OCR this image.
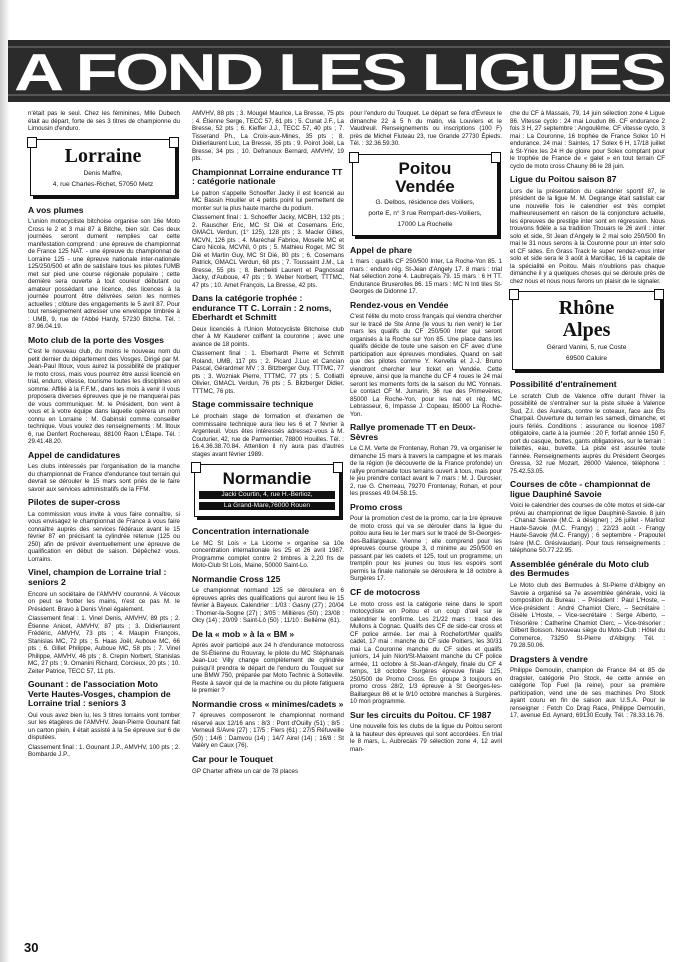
A FOND LES LIGUES

n'était pas le seul. Chez les féminines, Mlle Dubech était au départ, forte de ses 3 titres de championne du Limousin d'enduro.

Lorraine
Denis Maffre,
4, rue Charles-Richet, 57050 Metz
A vos plumes

L'union motocycliste bitchoise organise son 16e Moto Cross le 2 et 3 mai 87 à Bitche, bien sûr. Ces deux journées seront dument remplies car cette manifestation comprend : une épreuve de championnat de France 125 NAT. - une épreuve du championnat de Lorraine 125 - une épreuve nationale inter-nationale 125/250/500 et afin de satisfaire tous les pilotes l'UMB met sur pied une course régionale populaire ; cette dernière sera ouverte à tout coureur débutant ou amateur possédant une licence, des licences à la journée pourront être délivrées selon les normes actuelles ; clôture des engagements le 5 avril 87. Pour tout renseignement adresser une enveloppe timbrée à : UMB, 9, rue de l'Abbé Hardy, 57230 Bitche. Tél. : 87.96.04.19.

Moto club de la porte des Vosges

C'est le nouveau club, du moins le nouveau nom du petit dernier du département des Vosges. Dirigé par M. Jean-Paul Iltoux, vous aurez la possibilité de pratiquer le moto cross, mais vous pourrez être aussi licencié en trial, enduro, vitesse, tourisme toutes les disciplines en somme. Affilié à la F.F.M., dans les mois à venir il vous proposera diverses épreuves que je ne manquerai pas de vous communiquer. M. le Président, bon vent à vous et à votre équipe dans laquelle opèrera un nom connu en Lorraine : M. Gabinski comme conseiller technique. Vous voulez des renseignements : M. Iltoux 6, rue Denfert Rochereau, 88100 Raon L'Étape. Tél. : 29.41.48.20.

Appel de candidatures

Les clubs intéressés par l'organisation de la manche du championnat de France d'endurance tout terrain qui devrait se dérouler le 15 mars sont priés de le faire savoir aux services administratifs de la FFM.

Pilotes de super-cross

La commission vous invite à vous faire connaître, si vous envisagez le championnat de France à vous faire connaître auprès des services fédéraux avant le 15 février 87 en précisant la cylindrée retenue (125 ou 250) afin de prévoir éventuellement une épreuve de qualification en début de saison. Dépêchez vous. Lorrains.

Vinel, champion de Lorraine trial : seniors 2

Encore un sociétaire de l'AMVHV couronné. A Vécoux on peut se frotter les mains, n'est ce pas M. le Président. Bravo à Denis Vinel également.

Classement final : 1. Vinel Denis, AMVHV, 89 pts ; 2. Étienne Anicet, AMVHV, 87 pts ; 3. Didierlaurent Frédéric, AMVHV, 73 pts ; 4. Maupin François, Stanislas MC, 72 pts ; 5. Haas Joël, Auboue MC, 66 pts ; 6. Gillet Philippe, Auboue MC, 58 pts ; 7. Vinel Philippe, AMVHV, 46 pts ; 8. Crepin Norbert, Stanislas MC, 27 pts ; 9. Omanini Richard, Corcieux, 20 pts ; 10. Zeiter Patrice, TECC 57, 11 pts.

Gounant : de l'association Moto Verte Hautes-Vosges, champion de Lorraine trial : seniors 3

Oui vous avez bien lu, les 3 titres lorrains vont tomber sur les étagères de l'AMVHV. Jean-Pierre Gounant fait un carton plein, il était assisté à la 5e épreuve sur 6 de disputées.

Classement final : 1. Gounant J.P., AMVHV, 100 pts ; 2. Bombarde J.P.,

AMVHV, 88 pts ; 3. Mougel Maurice, La Bresse, 75 pts ; 4. Étienne Serge, TECC 57, 61 pts ; 5. Cunat J.F., La Bresse, 52 pts ; 6. Kieffer J.J., TECC 57, 40 pts ; 7. Tisserand Ph., La Croix-aux-Mines, 35 pts ; 8. Didierlaurent Luc, La Bresse, 35 pts ; 9. Poirot Joël, La Bresse, 34 pts ; 10. Defranoux Bernard, AMVHV, 19 pts.

Championnat Lorraine endurance TT : catégorie nationale

Le patron s'appelle Schoeffer Jacky il est licencié au MC Bassin Houiller et 4 petits point lui permettent de monter sur la plus haute marche du podium.

Classement final : 1. Schoeffer Jacky, MCBH, 132 pts ; 2. Rauscher Eric, MC St Dié et Cosemans Eric, GMACL Verdun, (1° 125), 128 pts ; 3. Macler Gilles, MCVN, 126 pts ; 4. Maréchal Fabrice, Moselle MC et Caro Nicola, MCVNI, 0 pts ; 5. Mathieu Roger, MC St Dié et Martin Guy, MC St Dié, 80 pts ; 6. Cosemans Patrick, GMACL Verdun, 68 pts ; 7. Toussaint J.M., La Bresse, 55 pts ; 8. Benbekti Laurent et Pagnossat Jacky, d'Auboue, 47 pts ; 9. Weber Norbert, TTTMC, 47 pts ; 10. Amet François, La Bresse, 42 pts.

Dans la catégorie trophée : endurance TT C. Lorrain : 2 noms, Eberhardt et Schmitt

Deux licenciés à l'Union Motocycliste Bitchoise club cher à Mr Kauderer coiffent la couronne ; avec une avance de 18 points.

Classement final : 1. Eberhardt Pierre et Schmitt Roland, UMB, 117 pts ; 2. Picard J.Luc et Cancian Pascal, Gérardmer MV ; 3. Bitzberger Guy, TTTMC, 77 pts ; 3. Wozniak Pierre, TTTMC, 77 pts ; 5. Colliatti Olivier, GMACL Verdun, 76 pts ; 5. Bitzberger Didier, TTTMC, 76 pts.

Stage commissaire technique

Le prochain stage de formation et d'examen de commissaire technique aura lieu les 6 et 7 février à Argenteuil. Vous êtes intéressés adressez-vous à M. Couturier, 42, rue de Parmentier, 78800 Houilles. Tél. : 16.4.36.38.70.84. Attention il n'y aura pas d'autres stages avant février 1989.

Normandie
Jacki Courtin, 4, rue H.-Berlioz,
La Grand-Mare,76000 Rouen
Concentration internationale

Le MC St Lois « La Licorne » organise sa 10e concentration internationale les 25 et 26 avril 1987. Programme complet contre 2 timbres à 2,20 frs de Moto-Club St Lois, Maine, 50000 Saint-Lo.

Normandie Cross 125

Le championnat normand 125 se déroulera en 6 épreuves après des qualifications qui auront lieu le 15 février à Bayeux. Calendrier : 1/03 : Gasny (27) ; 20/04 : Thomer-la-Sogne (27) ; 3/05 : Millières (50) ; 23/08 : Olcy (14) ; 20/09 : Saint-Lô (50) ; 11/10 : Belléme (61).

De la « mob » à la « BM »

Après avoir participé aux 24 h d'endurance motocross de St-Étienne du Rouvray, le pilote du MC Stéphanais Jean-Luc Villy change complètement de cylindrée puisqu'il prendra le départ de l'enduro du Touquet sur une BMW 750, préparée par Moto Technic à Sotteville. Reste à savoir qui de la machine ou du pilote fatiguera le premier ?

Normandie cross « minimes/cadets »

7 épreuves composeront le championnat normand réservé aux 12/16 ans : 8/3 : Pont d'Ouilly (51) ; 8/5 : Verneuil S/Avre (27) ; 17/5 : Flers (61) ; 27/5 Réfuveille (50) ; 14/6 : Damvou (14) ; 14/7 Airel (14) ; 16/8 : St Valéry en Caux (76).

Car pour le Touquet

GP Charter affrète un car de 78 places

pour l'enduro du Touquet. Le départ se fera d'Évreux le dimanche 22 à 5 h du matin, via Louviers et le Vaudreuil. Renseignements ou inscriptions (100 F) près de Michel Fluteau 23, rue Grande 27730 Épieds. Tél. : 32.36.59.30.

Poitou
Vendée
G. Delbos, résidence des Voiliers,
porte E, n° 3 rue Rempart-des-Voiliers,
17000 La Rochelle
Appel de phare

1 mars : qualifs CF 250/500 Inter, La Roche-Yon 85. 1 mars : enduro rég. St-Jean d'Angely 17. 8 mars : trial Nat sélection zone 4. Laubreçais 79. 15 mars : 6 H TT. Endurance Bruxerolles 86. 15 mars : MC N Inti tiles St-Georges de Didonne 17.

Rendez-vous en Vendée

C'est l'élite du moto cross français qui viendra chercher sur le tracé de Ste Anne (le vous tu rien venir) le 1er mars les qualifs du CF 250/500 Inter qui seront organisés à la Roche sur Yon 85. Une place dans les qualifs décide de toute une saison en CF avec d'une participation aux épreuves mondiales. Quand on sait que des pilotes comme Y. Kervella et J.-J. Bruno viendront chercher leur ticket en Vendée. Cette épreuve, ainsi que la manche du CF 4 roues le 24 mai seront les moments forts de la saison du MC Yonnais. Le contact CF M. Jumarin, 36 rue des Primevères, 85000 La Roche-Yon, pour les nat et rég. MC Lebrasseur, 6, Impasse J. Copeau, 85000 La Roche-Yon.

Rallye promenade TT en Deux-Sèvres

Le C.M. Verte de Frontenay, Rohan 79, va organiser le dimanche 15 mars à travers la campagne et les marais de la région (le découverte de la France profonde) un rallye promenade tous terrains ouvert à tous, mais pour le jeu prendre contact avant le 7 mars : M. J. Durosier, 2, rue G. Cherreau, 79270 Frontenay, Rohan, et pour les presses 49.04.58.15.

Promo cross

Pour la promotion c'est de la promo, car la 1re épreuve de moto cross qui va se dérouler dans la ligue du poitou aura lieu le 1er mars sur le tracé de St-Georges-des-Baillargeaux. Vienne ; elle comprend pour les épreuves course groupe 3, d minime au 250/500 en passant par les cadets et 125, tout un programme, un tremplin pour les jeunes ou tous les espoirs sont permis la finale nationale se déroulera le 18 octobre à Surgères 17.

CF de motocross

Le moto cross est la catégorie reine dans le sport motocycliste en Poitou et un coup d'œil sur le calendrier le confirme. Les 21/22 mars : tracé des Mullons à Cognac. Qualifs des CF de side-car cross et CF police armée. 1er mai à Rochefort/Mer qualifs cadet, 17 mai : manche du CF side Poitiers, les 30/31 mai La Couronne manche du CF sides et qualifs juniors, 14 juin Niort/St-Maixent manche du CF police armée, 11 octobre à St-Jean-d'Angely, finale du CF 4 temps, 18 octobre Surgères épreuve finale 125, 250/500 de Promo Cross. En groupe 3 toujours en promo cross 28/2, 1/3 épreuve à St Georges-les-Baillargeux 86 et le 9/10 octobre manches à Surgères. 10 mon programme.

Sur les circuits du Poitou. CF 1987

Une nouvelle fois les clubs de la ligue du Poitou seront à la hauteur des épreuves qui sont accordées. En trial le 8 mars, L. Aubrecais 79 sélection zone 4, 12 avril man-

che du CF à Massais, 79, 14 juin sélection zone 4 Ligue 86. Vitesse cyclo : 24 mai Loudun 86. CF endurance 2 fois 3 H, 27 septembre : Angoulême. CF vitesse cyclo, 3 mai : La Couronne, 16 trophée de France Solex 10 H endurance. 24 mai : Saintes, 17 Solex 6 H, 17/18 juillet à St-Yriex les 24 H de gloire pour Solex comptant pour le trophée de France de « galet » en tout terrain CF cyclo de moto cross Chauny 86 le 28 juin.

Ligue du Poitou saison 87

Lors de la présentation du calendrier sportif 87, le président de la ligue M. M. Degrange était satisfait car une nouvelle fois le calendrier est très complet malheureusement en raison de la conjoncture actuelle, les épreuves de prestige inter sont en régression. Nous trouvons fidèle a sa tradition Thouars le 26 avril : inter solo et side, St Jean d'Angely le 2 mai solo 250/500 fin mai le 31 nous serons à la Couronne pour un inter solo et CF sides. En Grass Track le super rendez-vous inter solo et side sera le 3 août à Marcillac, 16 la capitale de la spécialité en Poitou. Mais n'oublions pas chaque dimanche il y a quelques choses qui se déroule près de chez nous et nous nous ferons un plaisir de le signaler.

Rhône
Alpes
Gérard Vanini, 5, rue Coste
69500 Caluire
Possibilité d'entraînement

Le scratch Club de Valence offre durant l'hiver la possibilité de s'entraîner sur la piste située à Valence Sud, Z.I. des Auréats, contre le coteaux, face aux Éts Charpail. Ouverture du terrain les samedi, dimanche, et jours fériés. Conditions : assurance ou licence 1987 obligatoire, carte à la journée : 20 F, forfait année 150 F, port du casque, bottes, gants obligatoires, sur le terrain : toilettes, eau, buvette. La piste est assurée toute l'année. Renseignements auprès du Président Georges Gressa, 32 rue Mozart, 26000 Valence, téléphone : 75.42.53.05.

Courses de côte - championnat de ligue Dauphiné Savoie

Voici le calendrier des courses de côte motos et side-car prévu au championnat de ligue Dauphiné-Savoie. 8 juin - Chanaz Savoie (M.C. à désigner) ; 26 juillet - Marlioz Haute-Savoie (M.C. Frangy) ; 22/23 août - Frangy Haute-Savoie (M.C. Frangy) ; 6 septembre - Prapoutel Isère (M.C. Grésivaudan). Pour tous renseignements : téléphone 50.77.22.95.

Assemblée générale du Moto club des Bermudes

Le Moto club des Bermudes à St-Pierre d'Albigny en Savoie a organisé sa 7e assemblée générale, voici la composition du Bureau : – Président : Paul L'Hoste, – Vice-président : André Chamiot Clerc, – Secrétaire : Gisèle L'Hoste, – Vice-secrétaire : Serge Alberto, – Trésorière : Catherine Chamiot Clerc, – Vice-trésorier : Gilbert Boisson. Nouveau siège du Moto-Club : Hôtel du Commerce, 73250 St-Pierre d'Albigny. Tél. : 79.28.50.06.

Dragsters à vendre

Philippe Demoulin, champion de France 84 et 85 de dragster, catégorie Pro Stock, 4e cette année en catégorie Top Fuel (la reine), pour sa première participation, vend une de ses machines Pro Stock ayant couru en fin de saison aux U.S.A. Pour le renseigner : Fetch Co Drag Race, Philippe Demoulin, 17, avenue Ed. Aynard, 69130 Ecully. Tél. : 78.33.16.76.

30
